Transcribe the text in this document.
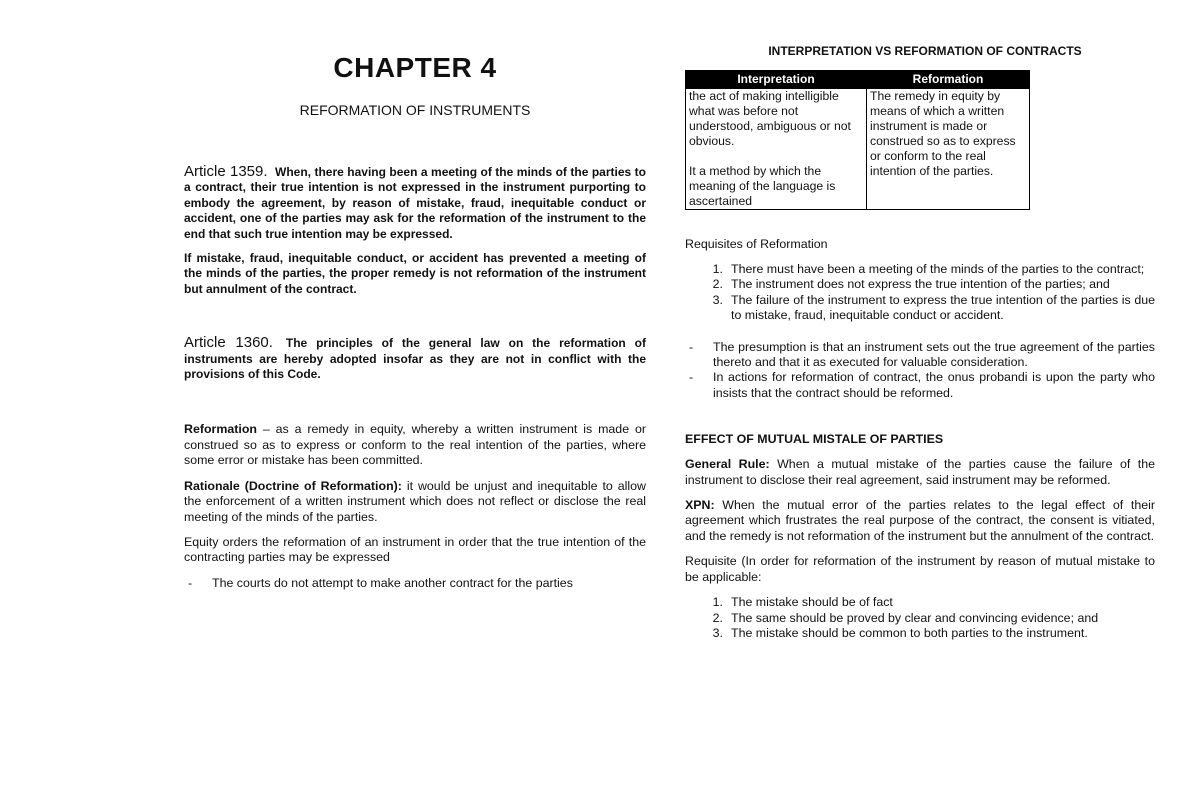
CHAPTER 4
REFORMATION OF INSTRUMENTS

Article 1359. When, there having been a meeting of the minds of the parties to a contract, their true intention is not expressed in the instrument purporting to embody the agreement, by reason of mistake, fraud, inequitable conduct or accident, one of the parties may ask for the reformation of the instrument to the end that such true intention may be expressed.

If mistake, fraud, inequitable conduct, or accident has prevented a meeting of the minds of the parties, the proper remedy is not reformation of the instrument but annulment of the contract.

Article 1360. The principles of the general law on the reformation of instruments are hereby adopted insofar as they are not in conflict with the provisions of this Code.

Reformation – as a remedy in equity, whereby a written instrument is made or construed so as to express or conform to the real intention of the parties, where some error or mistake has been committed.

Rationale (Doctrine of Reformation): it would be unjust and inequitable to allow the enforcement of a written instrument which does not reflect or disclose the real meeting of the minds of the parties.

Equity orders the reformation of an instrument in order that the true intention of the contracting parties may be expressed

-	The courts do not attempt to make another contract for the parties
INTERPRETATION VS REFORMATION OF CONTRACTS
Interpretation	Reformation

the act of making intelligible what was before not understood, ambiguous or not obvious.
It a method by which the meaning of the language is ascertained	The remedy in equity by means of which a written instrument is made or construed so as to express or conform to the real intention of the parties.
Requisites of Reformation
1. There must have been a meeting of the minds of the parties to the contract;
2. The instrument does not express the true intention of the parties; and
3. The failure of the instrument to express the true intention of the parties is due to mistake, fraud, inequitable conduct or accident.
-	The presumption is that an instrument sets out the true agreement of the parties thereto and that it as executed for valuable consideration.
-	In actions for reformation of contract, the onus probandi is upon the party who insists that the contract should be reformed.
EFFECT OF MUTUAL MISTALE OF PARTIES

General Rule: When a mutual mistake of the parties cause the failure of the instrument to disclose their real agreement, said instrument may be reformed.

XPN: When the mutual error of the parties relates to the legal effect of their agreement which frustrates the real purpose of the contract, the consent is vitiated, and the remedy is not reformation of the instrument but the annulment of the contract.

Requisite (In order for reformation of the instrument by reason of mutual mistake to be applicable:

1. The mistake should be of fact
2. The same should be proved by clear and convincing evidence; and
3. The mistake should be common to both parties to the instrument.
